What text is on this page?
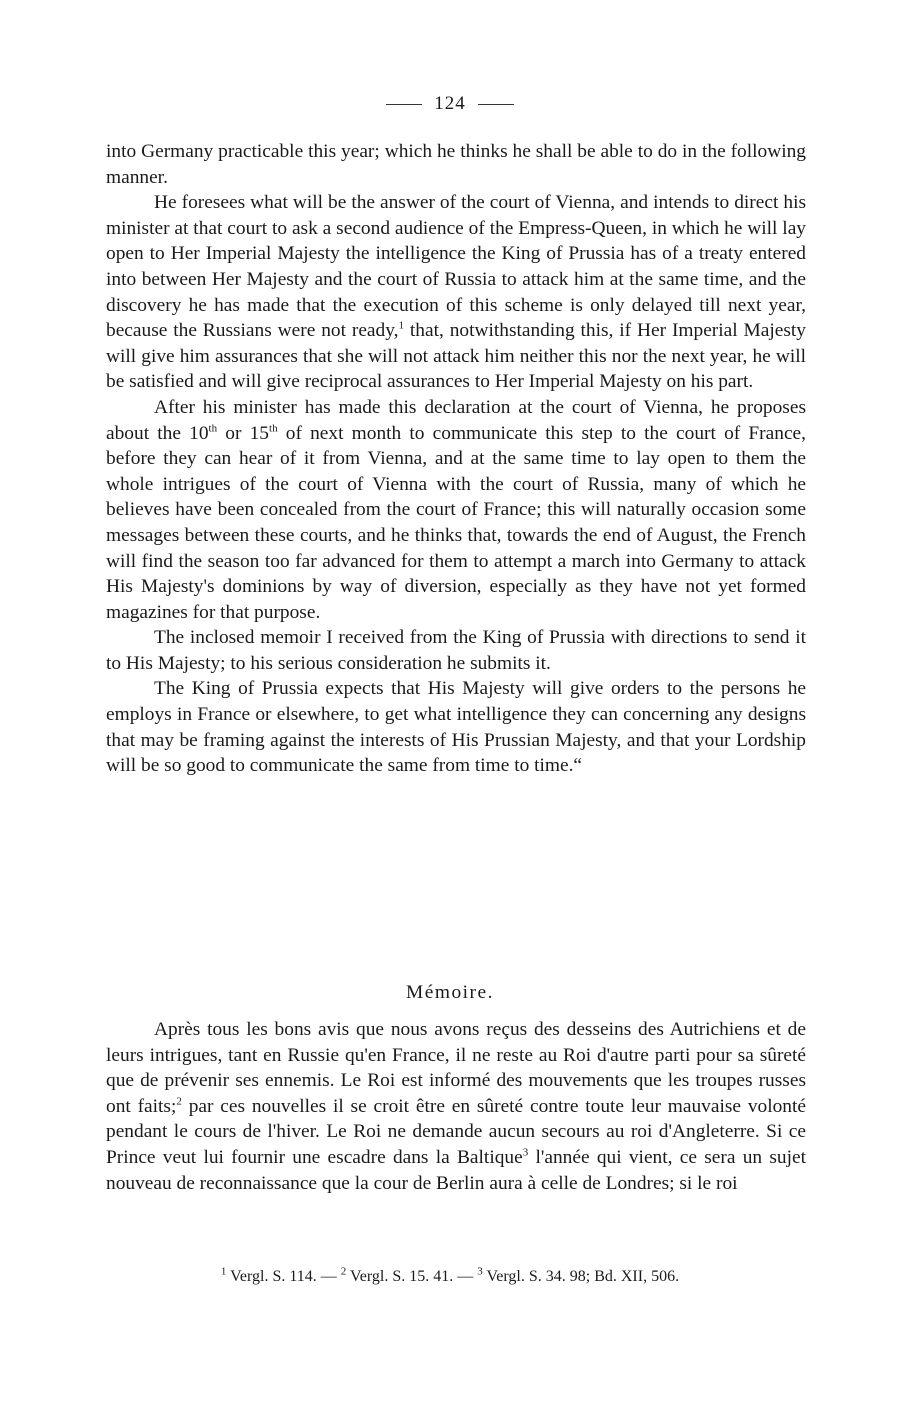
124

into Germany practicable this year; which he thinks he shall be able to do in the following manner.

He foresees what will be the answer of the court of Vienna, and intends to direct his minister at that court to ask a second audience of the Empress-Queen, in which he will lay open to Her Imperial Majesty the intelligence the King of Prussia has of a treaty entered into between Her Majesty and the court of Russia to attack him at the same time, and the discovery he has made that the execution of this scheme is only delayed till next year, because the Russians were not ready,$^1$ that, notwithstanding this, if Her Imperial Majesty will give him assurances that she will not attack him neither this nor the next year, he will be satisfied and will give reciprocal assurances to Her Imperial Majesty on his part.

After his minister has made this declaration at the court of Vienna, he proposes about the 10th or 15th of next month to communicate this step to the court of France, before they can hear of it from Vienna, and at the same time to lay open to them the whole intrigues of the court of Vienna with the court of Russia, many of which he believes have been concealed from the court of France; this will naturally occasion some messages between these courts, and he thinks that, towards the end of August, the French will find the season too far advanced for them to attempt a march into Germany to attack His Majesty's dominions by way of diversion, especially as they have not yet formed magazines for that purpose.

The inclosed memoir I received from the King of Prussia with directions to send it to His Majesty; to his serious consideration he submits it.

The King of Prussia expects that His Majesty will give orders to the persons he employs in France or elsewhere, to get what intelligence they can concerning any designs that may be framing against the interests of His Prussian Majesty, and that your Lordship will be so good to communicate the same from time to time.“

Mémoire.

Après tous les bons avis que nous avons reçus des desseins des Autrichiens et de leurs intrigues, tant en Russie qu'en France, il ne reste au Roi d'autre parti pour sa sûreté que de prévenir ses ennemis. Le Roi est informé des mouvements que les troupes russes ont faits;$^2$ par ces nouvelles il se croit être en sûreté contre toute leur mauvaise volonté pendant le cours de l'hiver. Le Roi ne demande aucun secours au roi d'Angleterre. Si ce Prince veut lui fournir une escadre dans la Baltique$^3$ l'année qui vient, ce sera un sujet nouveau de reconnaissance que la cour de Berlin aura à celle de Londres; si le roi

$^1$ Vergl. S. 114. — $^2$ Vergl. S. 15. 41. — $^3$ Vergl. S. 34. 98; Bd. XII, 506.
